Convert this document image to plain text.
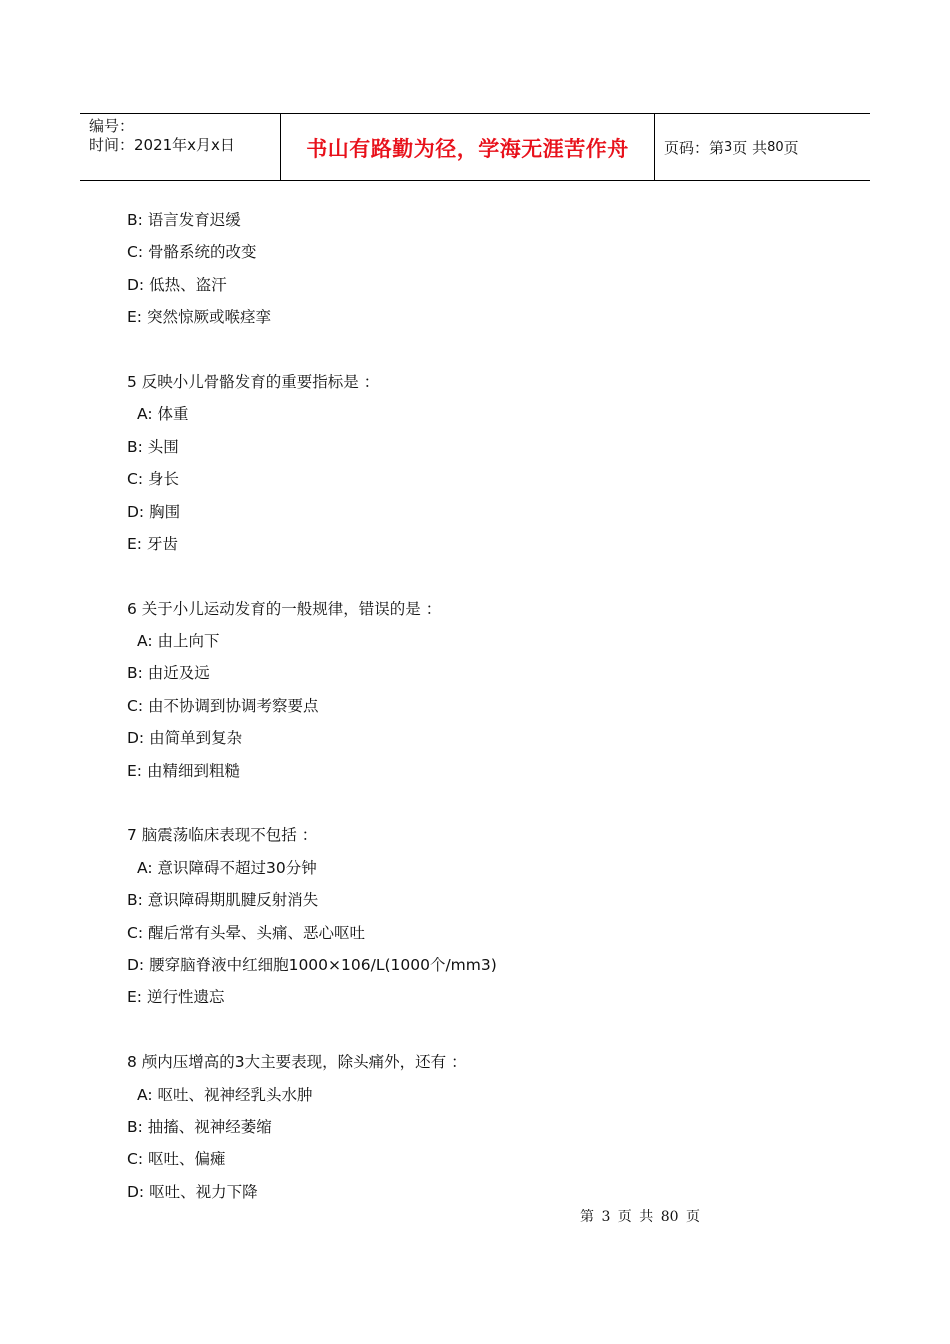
编号：
时间：2021年x月x日	书山有路勤为径，学海无涯苦作舟	页码：第 3 页 共 80 页
B: 语言发育迟缓
C: 骨骼系统的改变
D: 低热、盗汗
E: 突然惊厥或喉痉挛
5 反映小儿骨骼发育的重要指标是 ：
A: 体重
B: 头围
C: 身长
D: 胸围
E: 牙齿
6 关于小儿运动发育的一般规律，错误的是 ：
A: 由上向下
B: 由近及远
C: 由不协调到协调考察要点
D: 由简单到复杂
E: 由精细到粗糙
7 脑震荡临床表现不包括 ：
A: 意识障碍不超过30分钟
B: 意识障碍期肌腱反射消失
C: 醒后常有头晕、头痛、恶心呕吐
D: 腰穿脑脊液中红细胞1000×106/L(1000个/mm3)
E: 逆行性遗忘
8 颅内压增高的3大主要表现，除头痛外，还有 ：
A: 呕吐、视神经乳头水肿
B: 抽搐、视神经萎缩
C: 呕吐、偏瘫
D: 呕吐、视力下降
第 3 页 共 80 页
